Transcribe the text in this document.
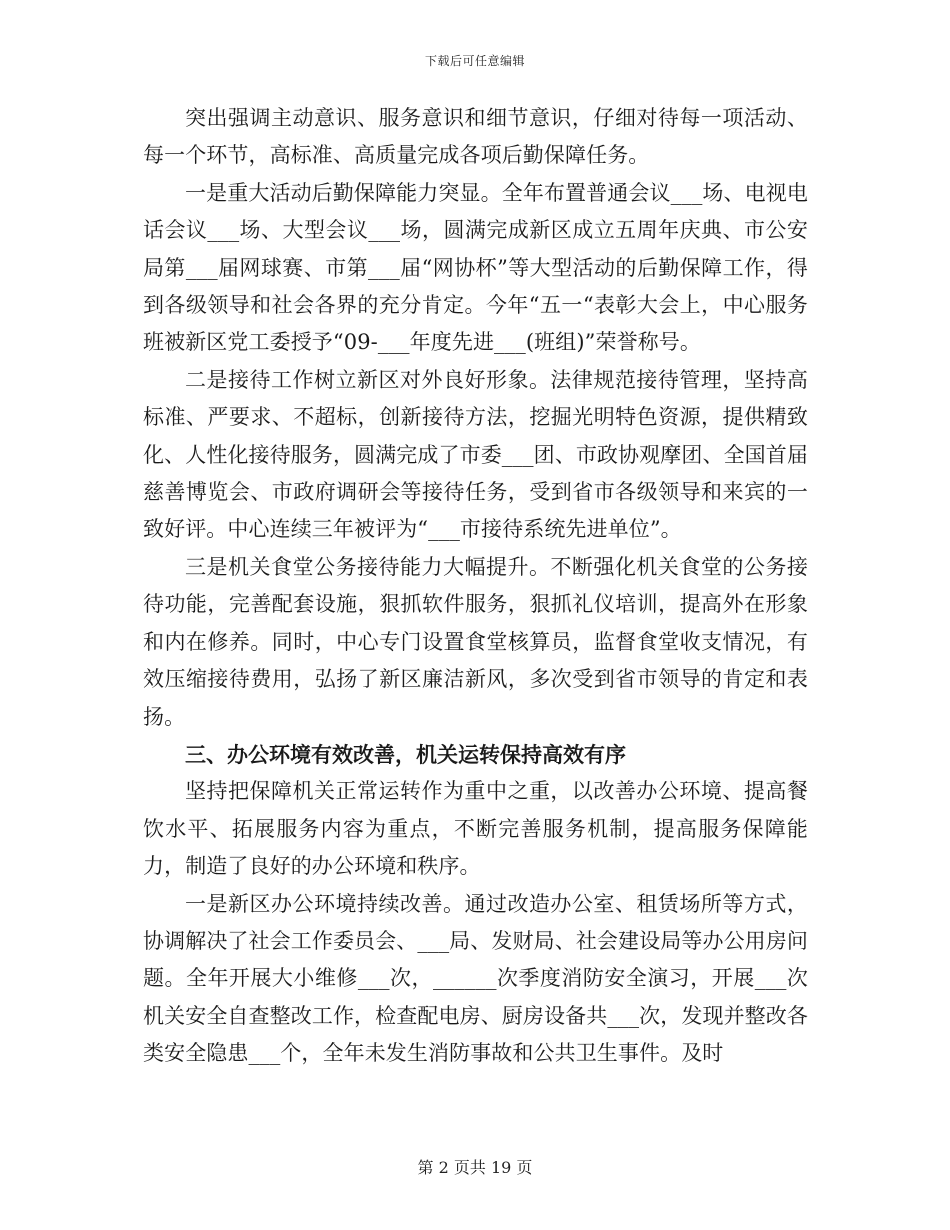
下载后可任意编辑

突出强调主动意识、服务意识和细节意识，仔细对待每一项活动、每一个环节，高标准、高质量完成各项后勤保障任务。

一是重大活动后勤保障能力突显。全年布置普通会议___场、电视电话会议___场、大型会议___场，圆满完成新区成立五周年庆典、市公安局第___届网球赛、市第___届“网协杯”等大型活动的后勤保障工作，得到各级领导和社会各界的充分肯定。今年“五一“表彰大会上，中心服务班被新区党工委授予“09-___年度先进___(班组)”荣誉称号。

二是接待工作树立新区对外良好形象。法律规范接待管理，坚持高标准、严要求、不超标，创新接待方法，挖掘光明特色资源，提供精致化、人性化接待服务，圆满完成了市委___团、市政协观摩团、全国首届慈善博览会、市政府调研会等接待任务，受到省市各级领导和来宾的一致好评。中心连续三年被评为“___市接待系统先进单位”。

三是机关食堂公务接待能力大幅提升。不断强化机关食堂的公务接待功能，完善配套设施，狠抓软件服务，狠抓礼仪培训，提高外在形象和内在修养。同时，中心专门设置食堂核算员，监督食堂收支情况，有效压缩接待费用，弘扬了新区廉洁新风，多次受到省市领导的肯定和表扬。

三、办公环境有效改善，机关运转保持高效有序

坚持把保障机关正常运转作为重中之重，以改善办公环境、提高餐饮水平、拓展服务内容为重点，不断完善服务机制，提高服务保障能力，制造了良好的办公环境和秩序。

一是新区办公环境持续改善。通过改造办公室、租赁场所等方式，协调解决了社会工作委员会、___局、发财局、社会建设局等办公用房问题。全年开展大小维修___次，______次季度消防安全演习，开展___次机关安全自查整改工作，检查配电房、厨房设备共___次，发现并整改各类安全隐患___个，全年未发生消防事故和公共卫生事件。及时

第 2 页共 19 页
